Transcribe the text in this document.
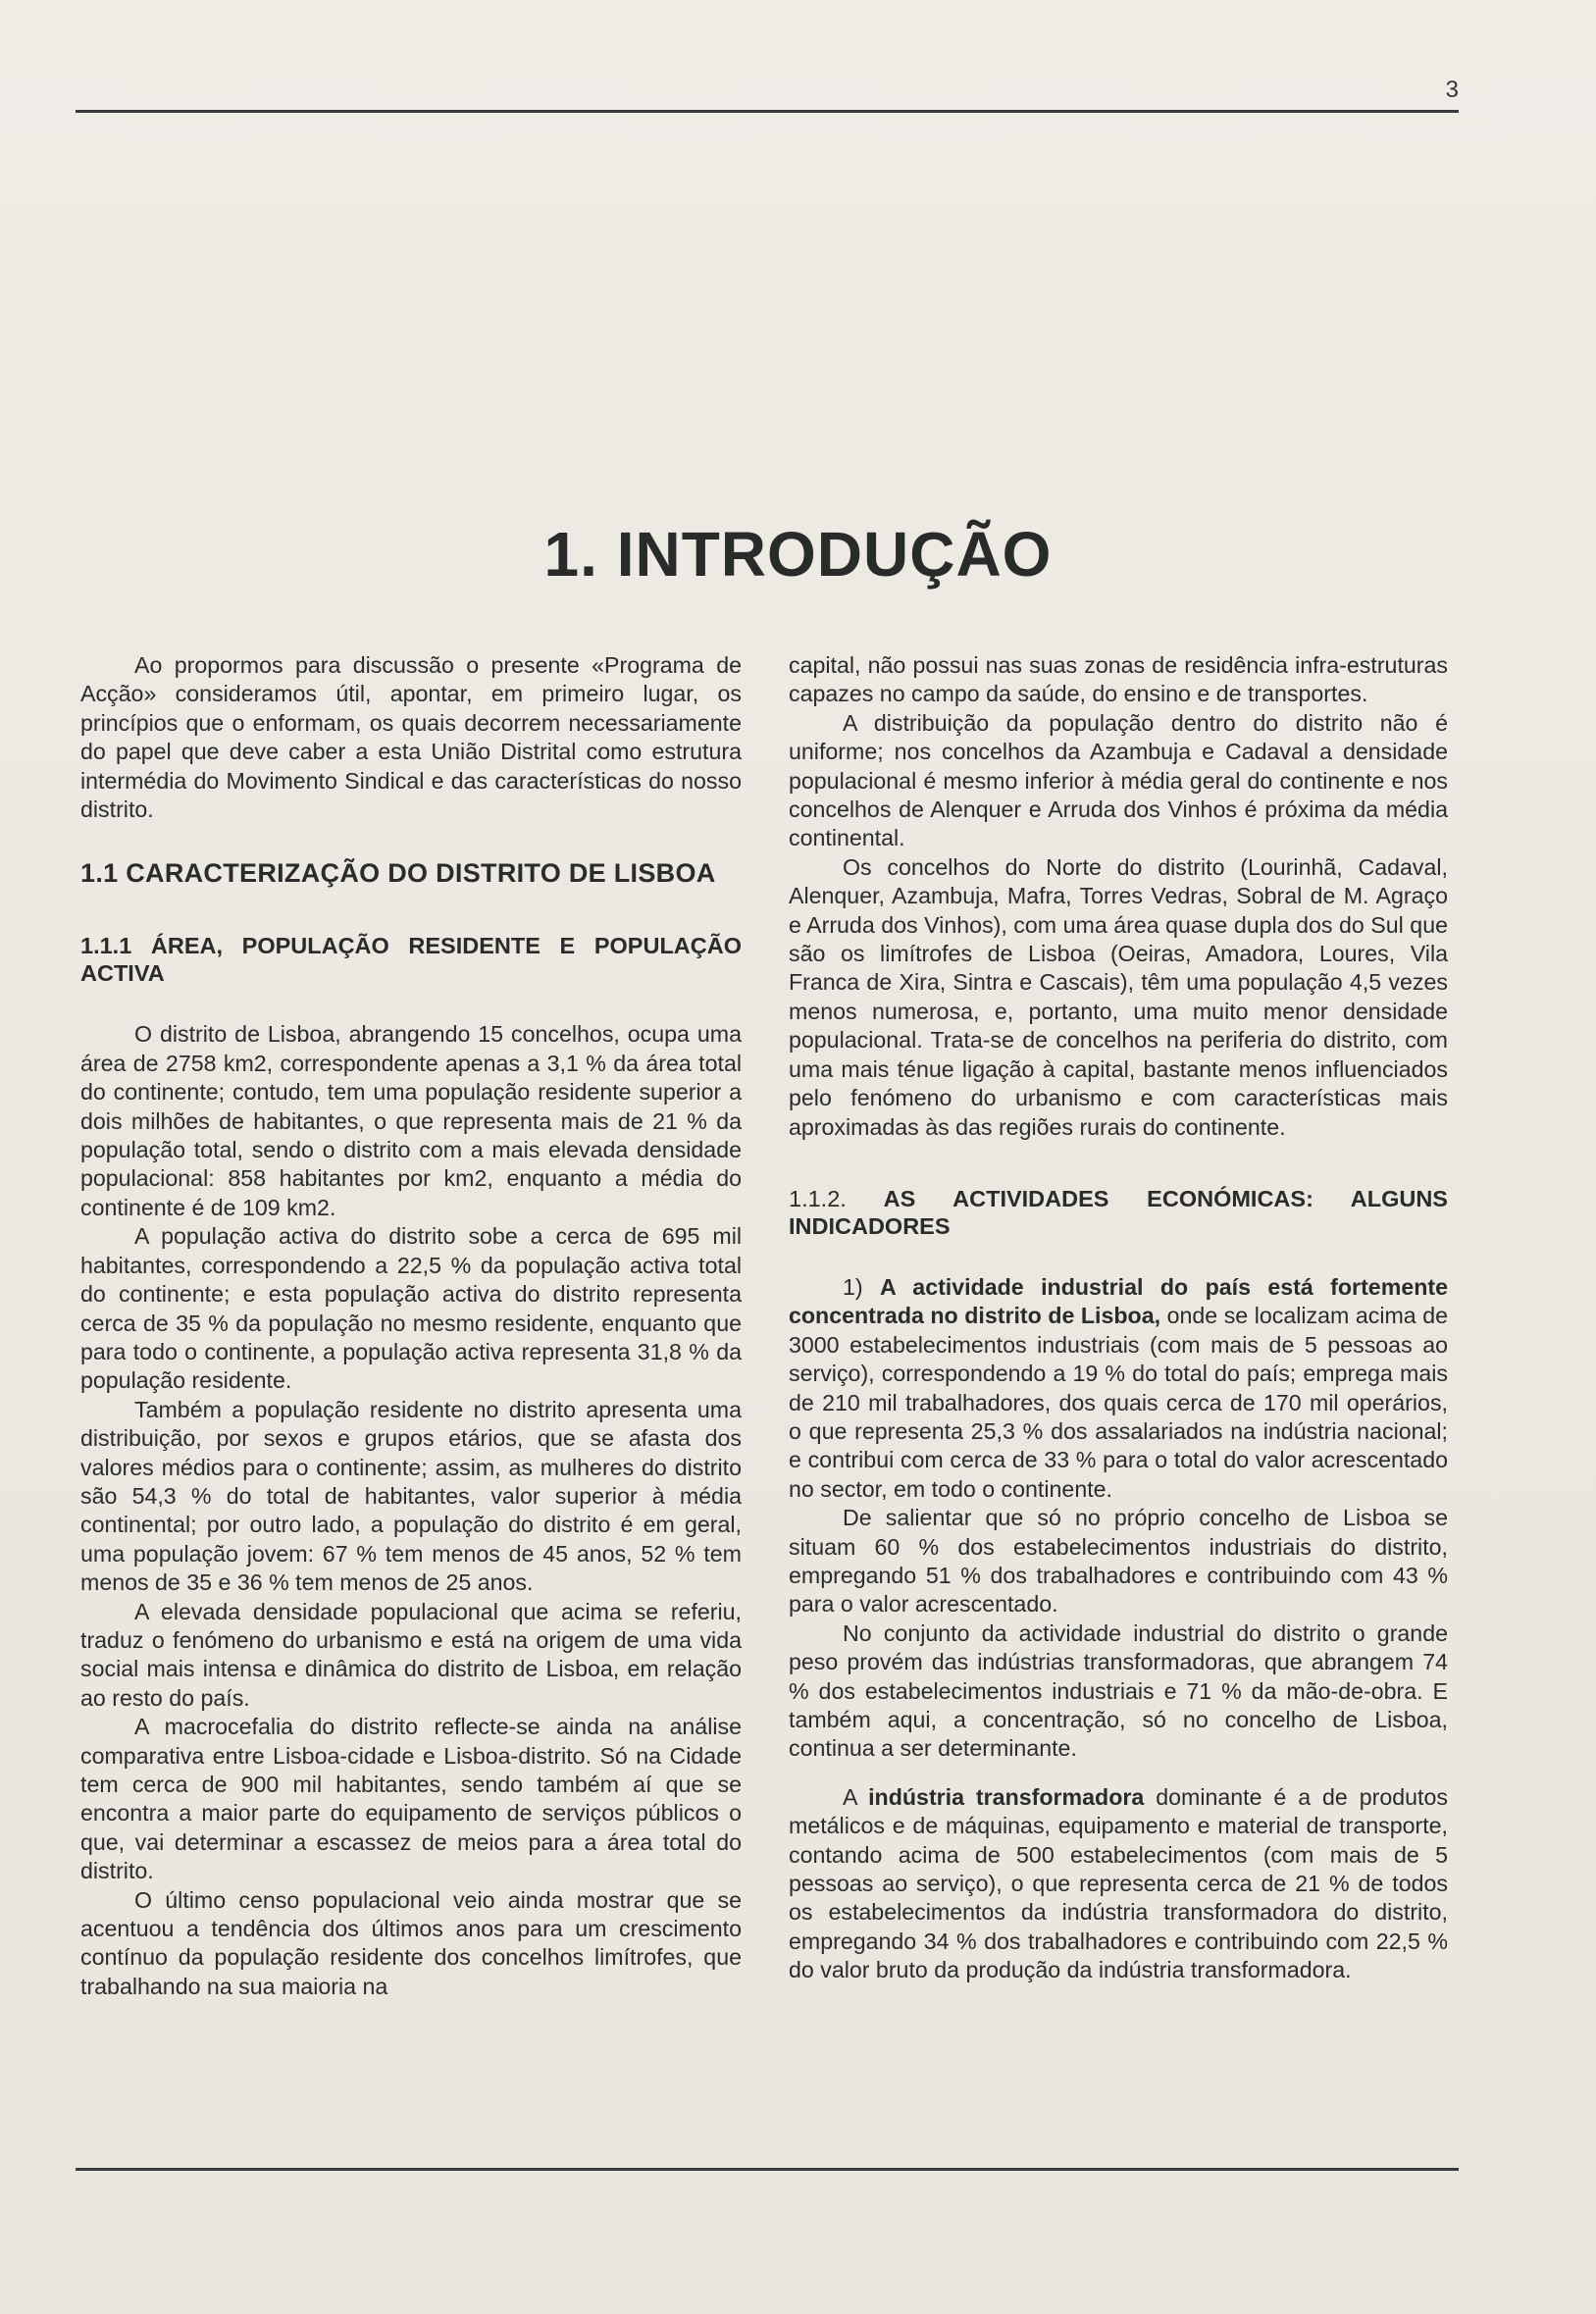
3
1. INTRODUÇÃO

Ao propormos para discussão o presente «Programa de Acção» consideramos útil, apontar, em primeiro lugar, os princípios que o enformam, os quais decorrem necessariamente do papel que deve caber a esta União Distrital como estrutura intermédia do Movimento Sindical e das características do nosso distrito.

1.1 CARACTERIZAÇÃO DO DISTRITO DE LISBOA
1.1.1 ÁREA, POPULAÇÃO RESIDENTE E POPULAÇÃO ACTIVA

O distrito de Lisboa, abrangendo 15 concelhos, ocupa uma área de 2758 km2, correspondente apenas a 3,1 % da área total do continente; contudo, tem uma população residente superior a dois milhões de habitantes, o que representa mais de 21 % da população total, sendo o distrito com a mais elevada densidade populacional: 858 habitantes por km2, enquanto a média do continente é de 109 km2.

A população activa do distrito sobe a cerca de 695 mil habitantes, correspondendo a 22,5 % da população activa total do continente; e esta população activa do distrito representa cerca de 35 % da população no mesmo residente, enquanto que para todo o continente, a população activa representa 31,8 % da população residente.

Também a população residente no distrito apresenta uma distribuição, por sexos e grupos etários, que se afasta dos valores médios para o continente; assim, as mulheres do distrito são 54,3 % do total de habitantes, valor superior à média continental; por outro lado, a população do distrito é em geral, uma população jovem: 67 % tem menos de 45 anos, 52 % tem menos de 35 e 36 % tem menos de 25 anos.

A elevada densidade populacional que acima se referiu, traduz o fenómeno do urbanismo e está na origem de uma vida social mais intensa e dinâmica do distrito de Lisboa, em relação ao resto do país.

A macrocefalia do distrito reflecte-se ainda na análise comparativa entre Lisboa-cidade e Lisboa-distrito. Só na Cidade tem cerca de 900 mil habitantes, sendo também aí que se encontra a maior parte do equipamento de serviços públicos o que, vai determinar a escassez de meios para a área total do distrito.

O último censo populacional veio ainda mostrar que se acentuou a tendência dos últimos anos para um crescimento contínuo da população residente dos concelhos limítrofes, que trabalhando na sua maioria na

capital, não possui nas suas zonas de residência infra-estruturas capazes no campo da saúde, do ensino e de transportes.

A distribuição da população dentro do distrito não é uniforme; nos concelhos da Azambuja e Cadaval a densidade populacional é mesmo inferior à média geral do continente e nos concelhos de Alenquer e Arruda dos Vinhos é próxima da média continental.

Os concelhos do Norte do distrito (Lourinhã, Cadaval, Alenquer, Azambuja, Mafra, Torres Vedras, Sobral de M. Agraço e Arruda dos Vinhos), com uma área quase dupla dos do Sul que são os limítrofes de Lisboa (Oeiras, Amadora, Loures, Vila Franca de Xira, Sintra e Cascais), têm uma população 4,5 vezes menos numerosa, e, portanto, uma muito menor densidade populacional. Trata-se de concelhos na periferia do distrito, com uma mais ténue ligação à capital, bastante menos influenciados pelo fenómeno do urbanismo e com características mais aproximadas às das regiões rurais do continente.

1.1.2. AS ACTIVIDADES ECONÓMICAS: ALGUNS INDICADORES

1) A actividade industrial do país está fortemente concentrada no distrito de Lisboa, onde se localizam acima de 3000 estabelecimentos industriais (com mais de 5 pessoas ao serviço), correspondendo a 19 % do total do país; emprega mais de 210 mil trabalhadores, dos quais cerca de 170 mil operários, o que representa 25,3 % dos assalariados na indústria nacional; e contribui com cerca de 33 % para o total do valor acrescentado no sector, em todo o continente.

De salientar que só no próprio concelho de Lisboa se situam 60 % dos estabelecimentos industriais do distrito, empregando 51 % dos trabalhadores e contribuindo com 43 % para o valor acrescentado.

No conjunto da actividade industrial do distrito o grande peso provém das indústrias transformadoras, que abrangem 74 % dos estabelecimentos industriais e 71 % da mão-de-obra. E também aqui, a concentração, só no concelho de Lisboa, continua a ser determinante.

A indústria transformadora dominante é a de produtos metálicos e de máquinas, equipamento e material de transporte, contando acima de 500 estabelecimentos (com mais de 5 pessoas ao serviço), o que representa cerca de 21 % de todos os estabelecimentos da indústria transformadora do distrito, empregando 34 % dos trabalhadores e contribuindo com 22,5 % do valor bruto da produção da indústria transformadora.
